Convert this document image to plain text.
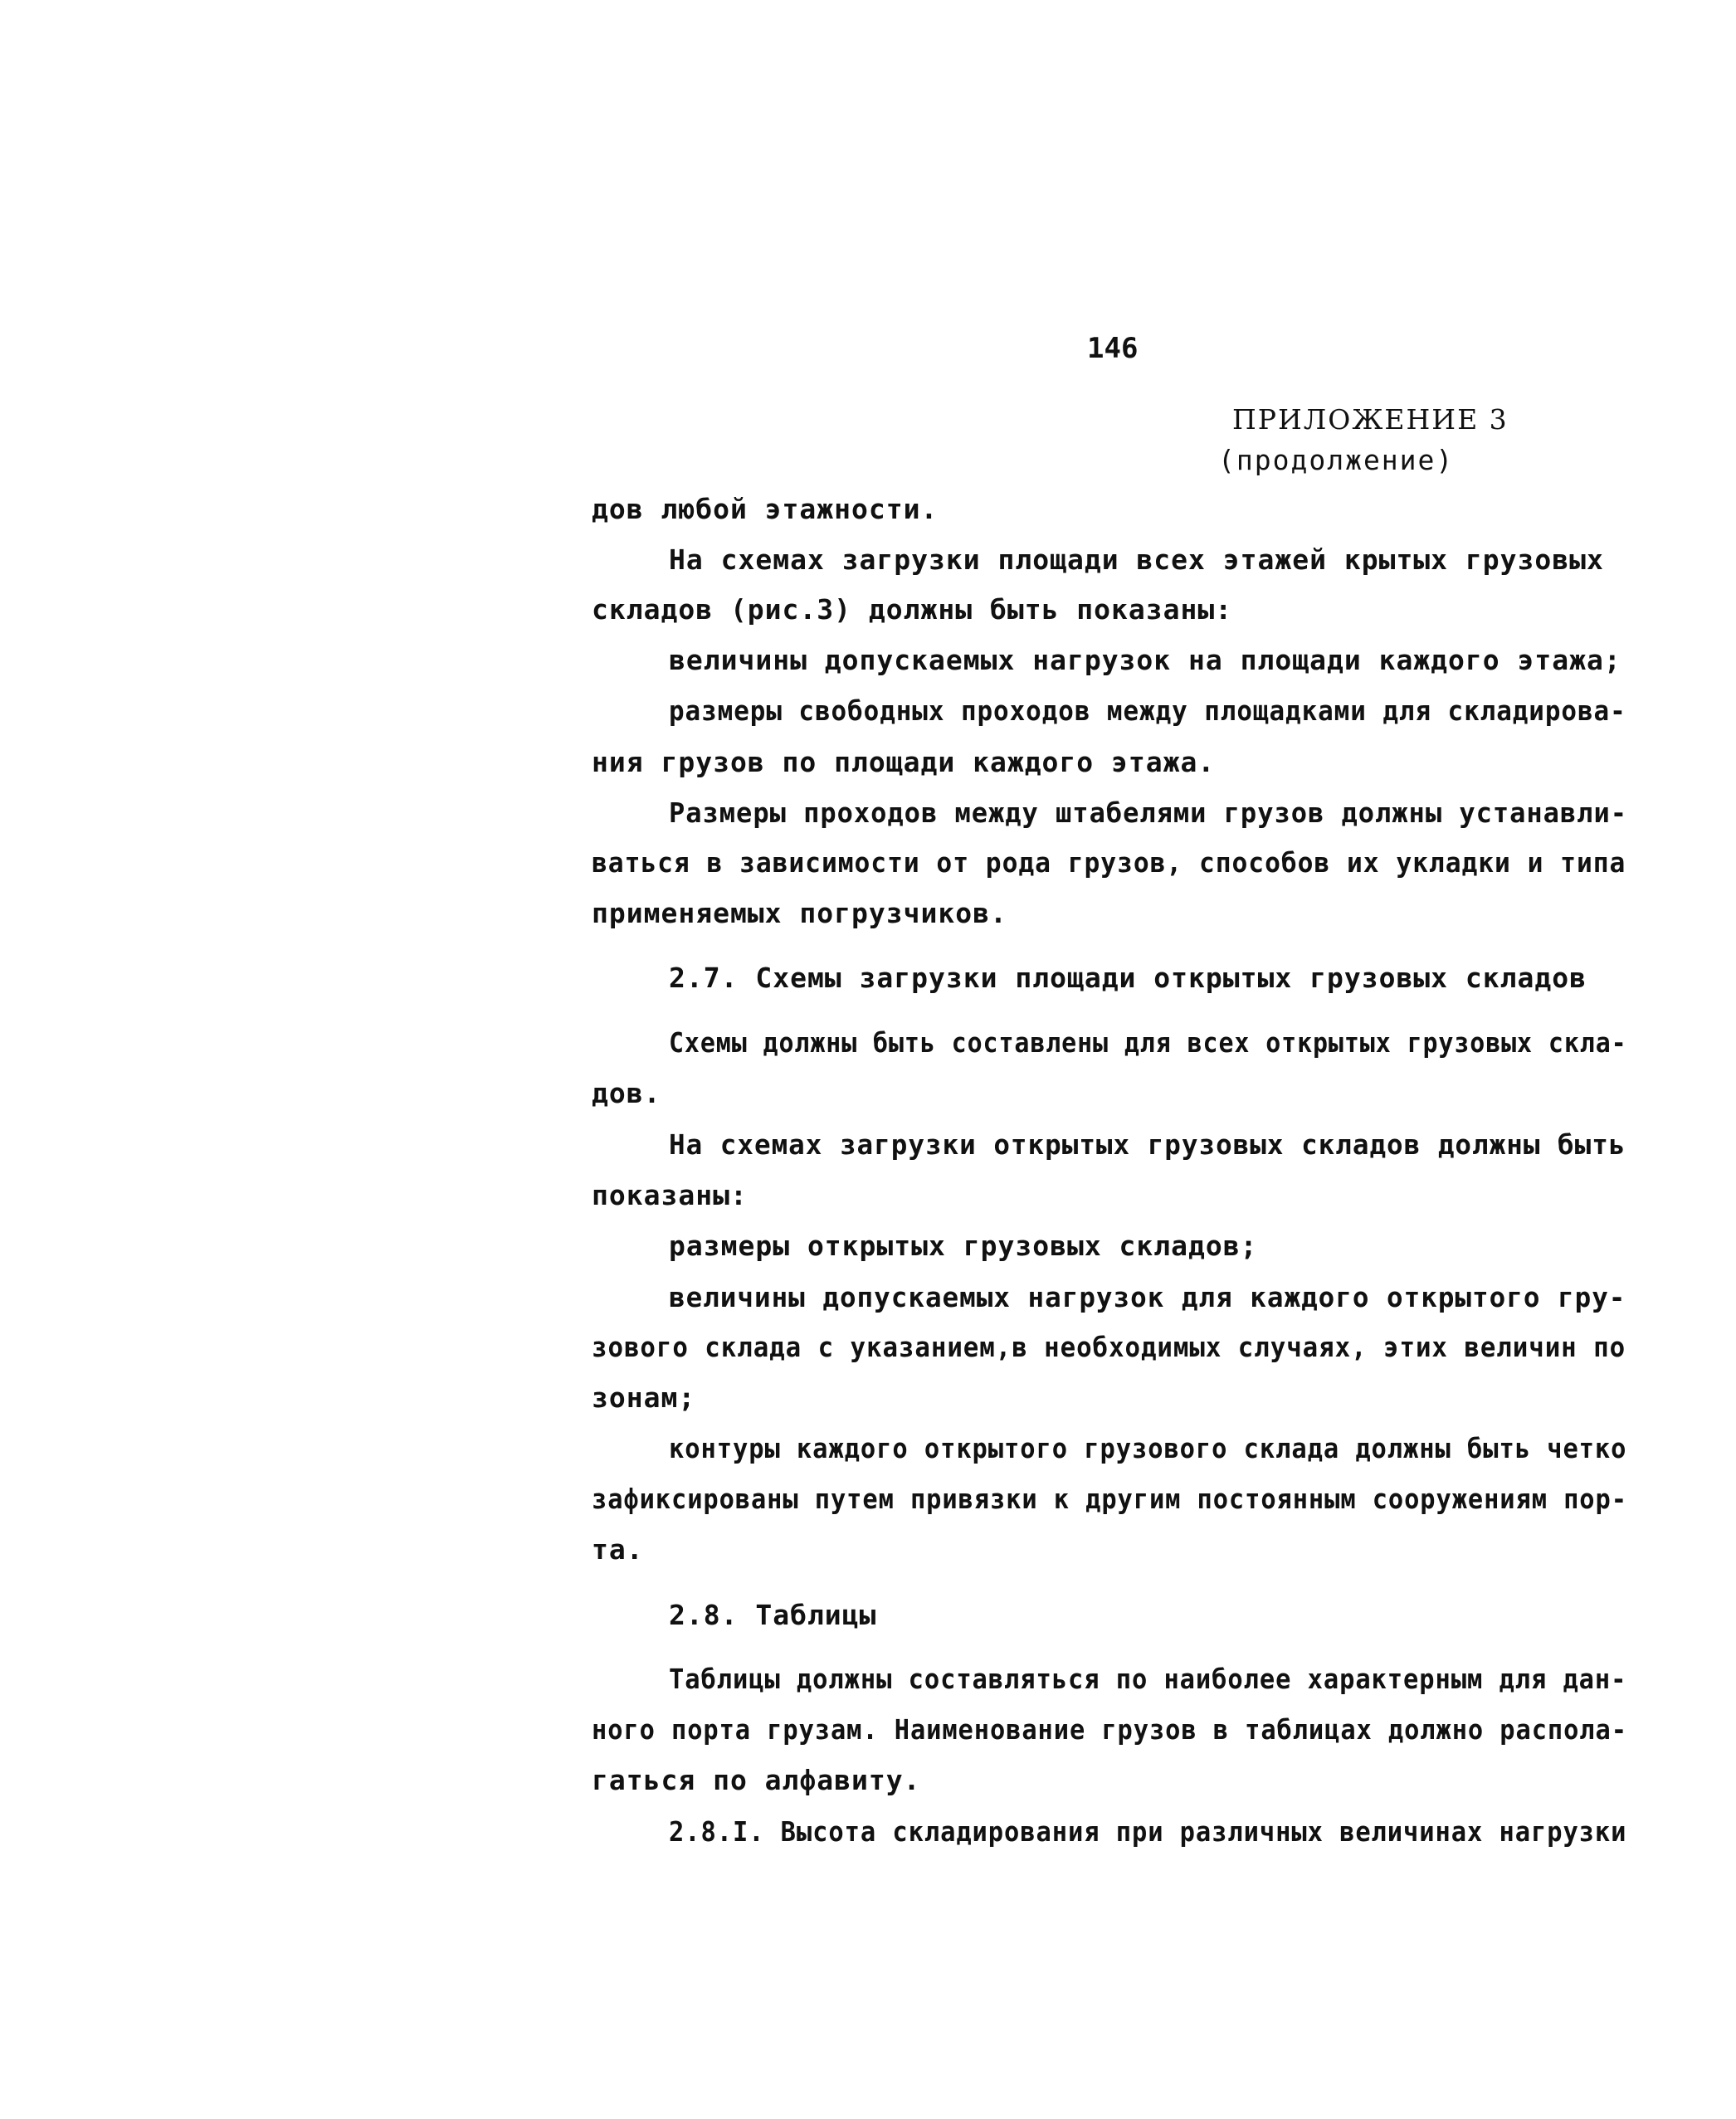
146
ПРИЛОЖЕНИЕ 3
(продолжение)
дов любой этажности.
На схемах загрузки площади всех этажей крытых грузовых
складов (рис.3) должны быть показаны:
величины допускаемых нагрузок на площади каждого этажа;
размеры свободных проходов между площадками для складирова-
ния грузов по площади каждого этажа.
Размеры проходов между штабелями грузов должны устанавли-
ваться в зависимости от рода грузов, способов их укладки и типа
применяемых погрузчиков.
2.7. Схемы загрузки площади открытых грузовых складов
Схемы должны быть составлены для всех открытых грузовых скла-
дов.
На схемах загрузки открытых грузовых складов должны быть
показаны:
размеры открытых грузовых складов;
величины допускаемых нагрузок для каждого открытого гру-
зового склада с указанием,в необходимых случаях, этих величин по
зонам;
контуры каждого открытого грузового склада должны быть четко
зафиксированы путем привязки к другим постоянным сооружениям пор-
та.
2.8. Таблицы
Таблицы должны составляться по наиболее характерным для дан-
ного порта грузам. Наименование грузов в таблицах должно распола-
гаться по алфавиту.
2.8.I. Высота складирования при различных величинах нагрузки
